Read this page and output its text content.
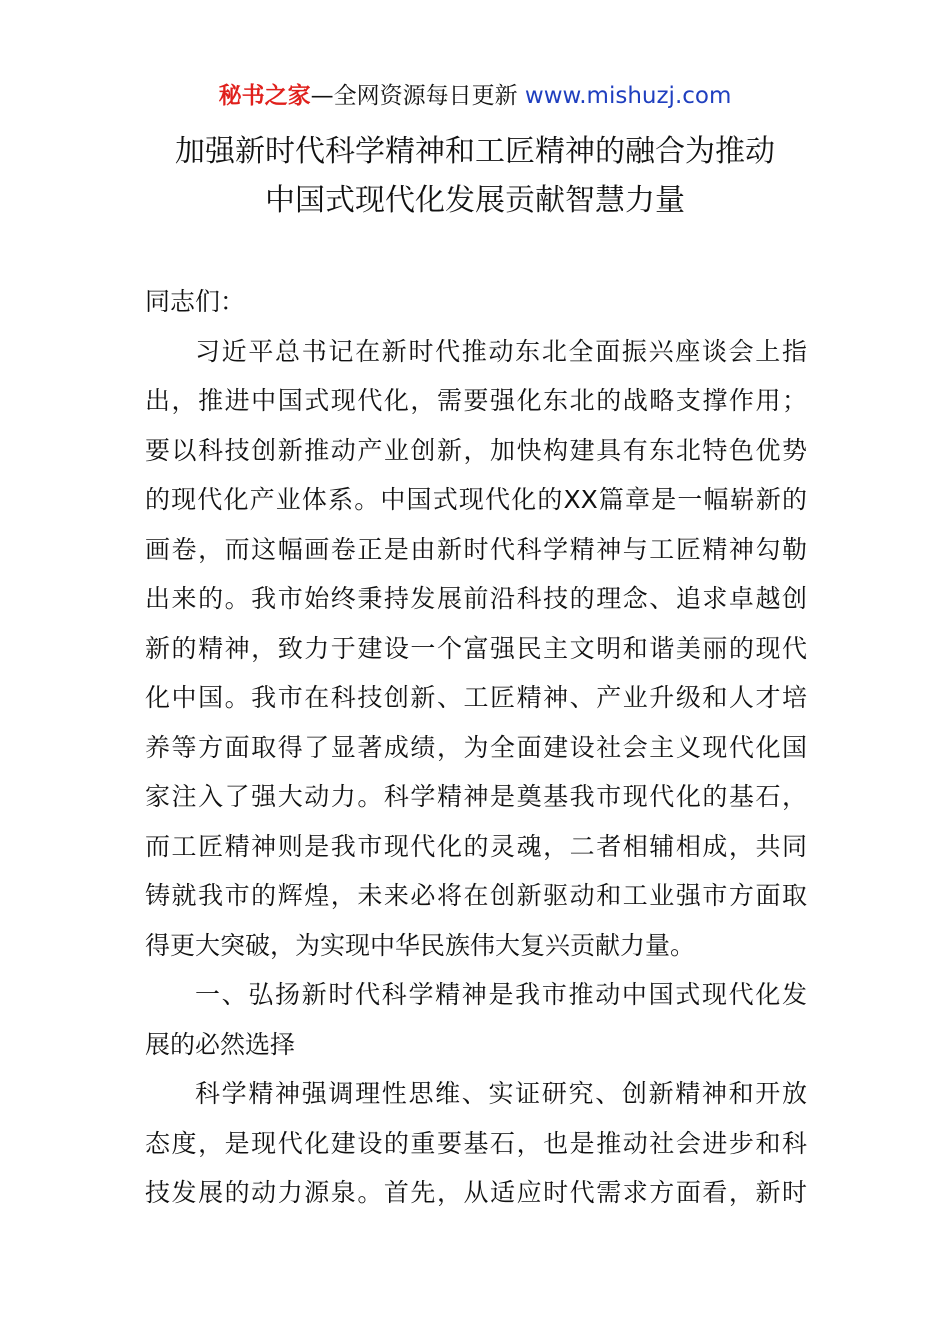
秘书之家—全网资源每日更新 www.mishuzj.com
加强新时代科学精神和工匠精神的融合为推动
中国式现代化发展贡献智慧力量
同志们：
习近平总书记在新时代推动东北全面振兴座谈会上指
出，推进中国式现代化，需要强化东北的战略支撑作用；
要以科技创新推动产业创新，加快构建具有东北特色优势
的现代化产业体系。中国式现代化的XX篇章是一幅崭新的
画卷，而这幅画卷正是由新时代科学精神与工匠精神勾勒
出来的。我市始终秉持发展前沿科技的理念、追求卓越创
新的精神，致力于建设一个富强民主文明和谐美丽的现代
化中国。我市在科技创新、工匠精神、产业升级和人才培
养等方面取得了显著成绩，为全面建设社会主义现代化国
家注入了强大动力。科学精神是奠基我市现代化的基石，
而工匠精神则是我市现代化的灵魂，二者相辅相成，共同
铸就我市的辉煌，未来必将在创新驱动和工业强市方面取
得更大突破，为实现中华民族伟大复兴贡献力量。
一、弘扬新时代科学精神是我市推动中国式现代化发
展的必然选择
科学精神强调理性思维、实证研究、创新精神和开放
态度，是现代化建设的重要基石，也是推动社会进步和科
技发展的动力源泉。首先，从适应时代需求方面看，新时
